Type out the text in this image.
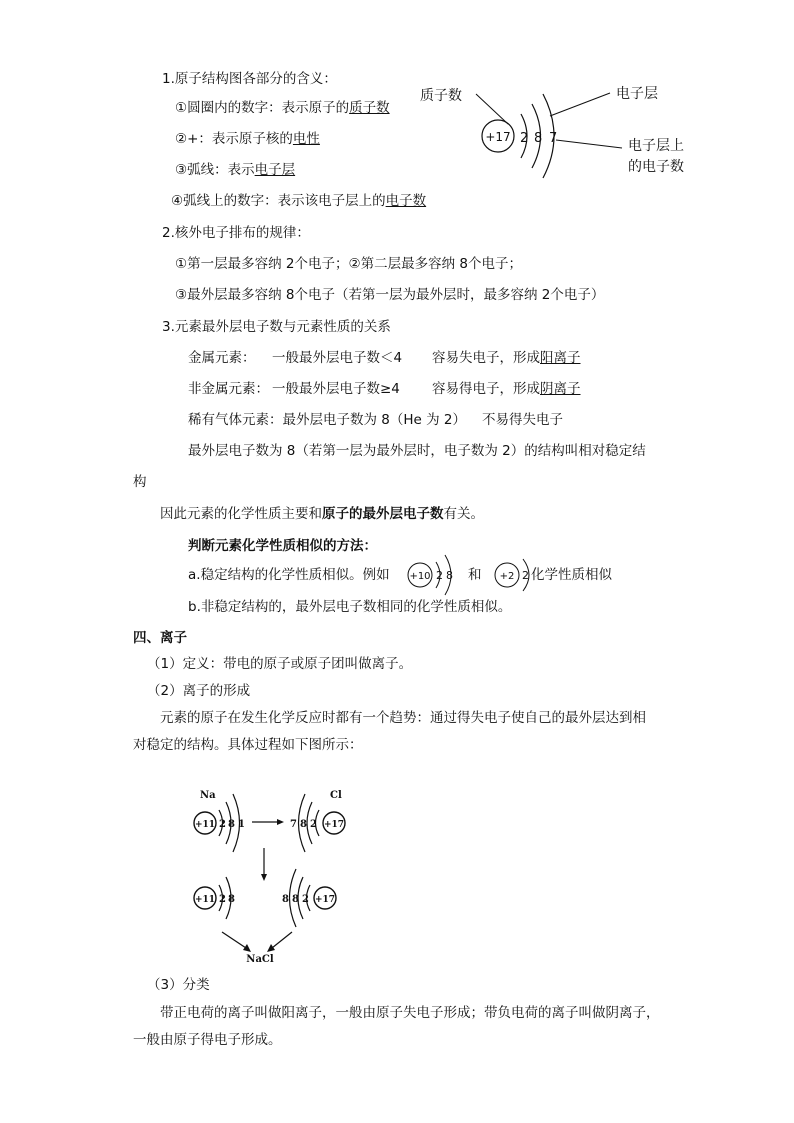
1.原子结构图各部分的含义：
①圆圈内的数字：表示原子的质子数
②+：表示原子核的电性
③弧线：表示电子层
④弧线上的数字：表示该电子层上的电子数
质子数
+17 2 8 7
电子层
电子层上
的电子数
2.核外电子排布的规律：
①第一层最多容纳 2个电子；②第二层最多容纳 8个电子；
③最外层最多容纳 8个电子（若第一层为最外层时，最多容纳 2个电子）
3.元素最外层电子数与元素性质的关系
金属元素： 一般最外层电子数＜4 容易失电子，形成阳离子
非金属元素： 一般最外层电子数≥4 容易得电子，形成阴离子
稀有气体元素：最外层电子数为 8（He 为 2） 不易得失电子
最外层电子数为 8（若第一层为最外层时，电子数为 2）的结构叫相对稳定结
构
因此元素的化学性质主要和原子的最外层电子数有关。
判断元素化学性质相似的方法：
a.稳定结构的化学性质相似。例如 +10 2 8 和 +2 2 化学性质相似
b.非稳定结构的，最外层电子数相同的化学性质相似。
四、离子
（1）定义：带电的原子或原子团叫做离子。
（2）离子的形成
元素的原子在发生化学反应时都有一个趋势：通过得失电子使自己的最外层达到相
对稳定的结构。具体过程如下图所示：
Na
+11 2 8 1
Cl
+17
7 8 2
+11 2 8	+17
8 8 2
NaCl
（3）分类
带正电荷的离子叫做阳离子，一般由原子失电子形成；带负电荷的离子叫做阴离子，
一般由原子得电子形成。
